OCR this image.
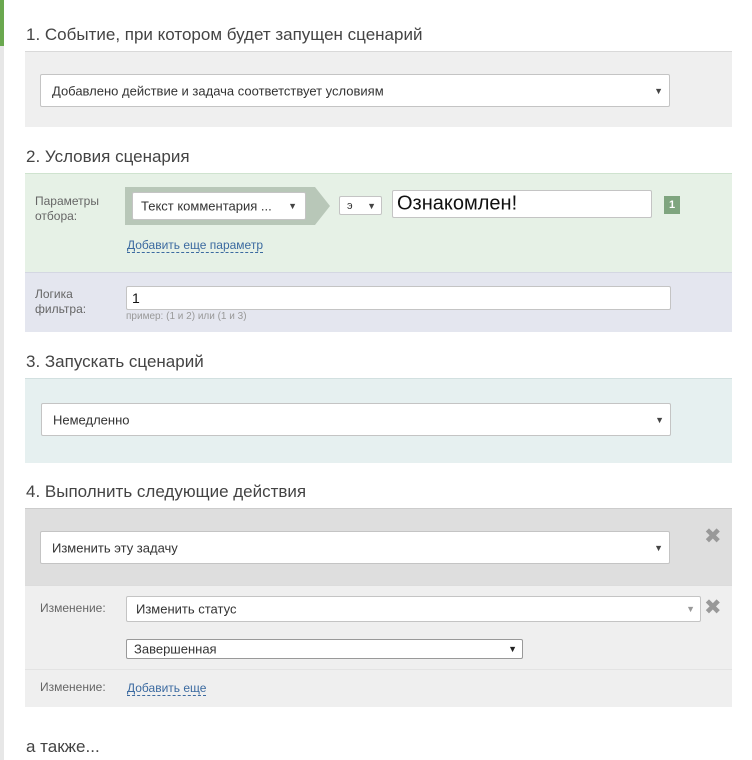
1. Событие, при котором будет запущен сценарий
Добавлено действие и задача соответствует условиям	▼
2. Условия сценария
Параметры отбора:
Текст комментария ... ▼	э ▼ Ознакомлен!	1
Добавить еще параметр
Логика фильтра:
1
пример: (1 и 2) или (1 и 3)
3. Запускать сценарий
Немедленно	▼
4. Выполнить следующие действия
Изменить эту задачу	▼ ✖
Изменение: Изменить статус	▼ ✖
Завершенная	▼
Изменение: Добавить еще
а также...
